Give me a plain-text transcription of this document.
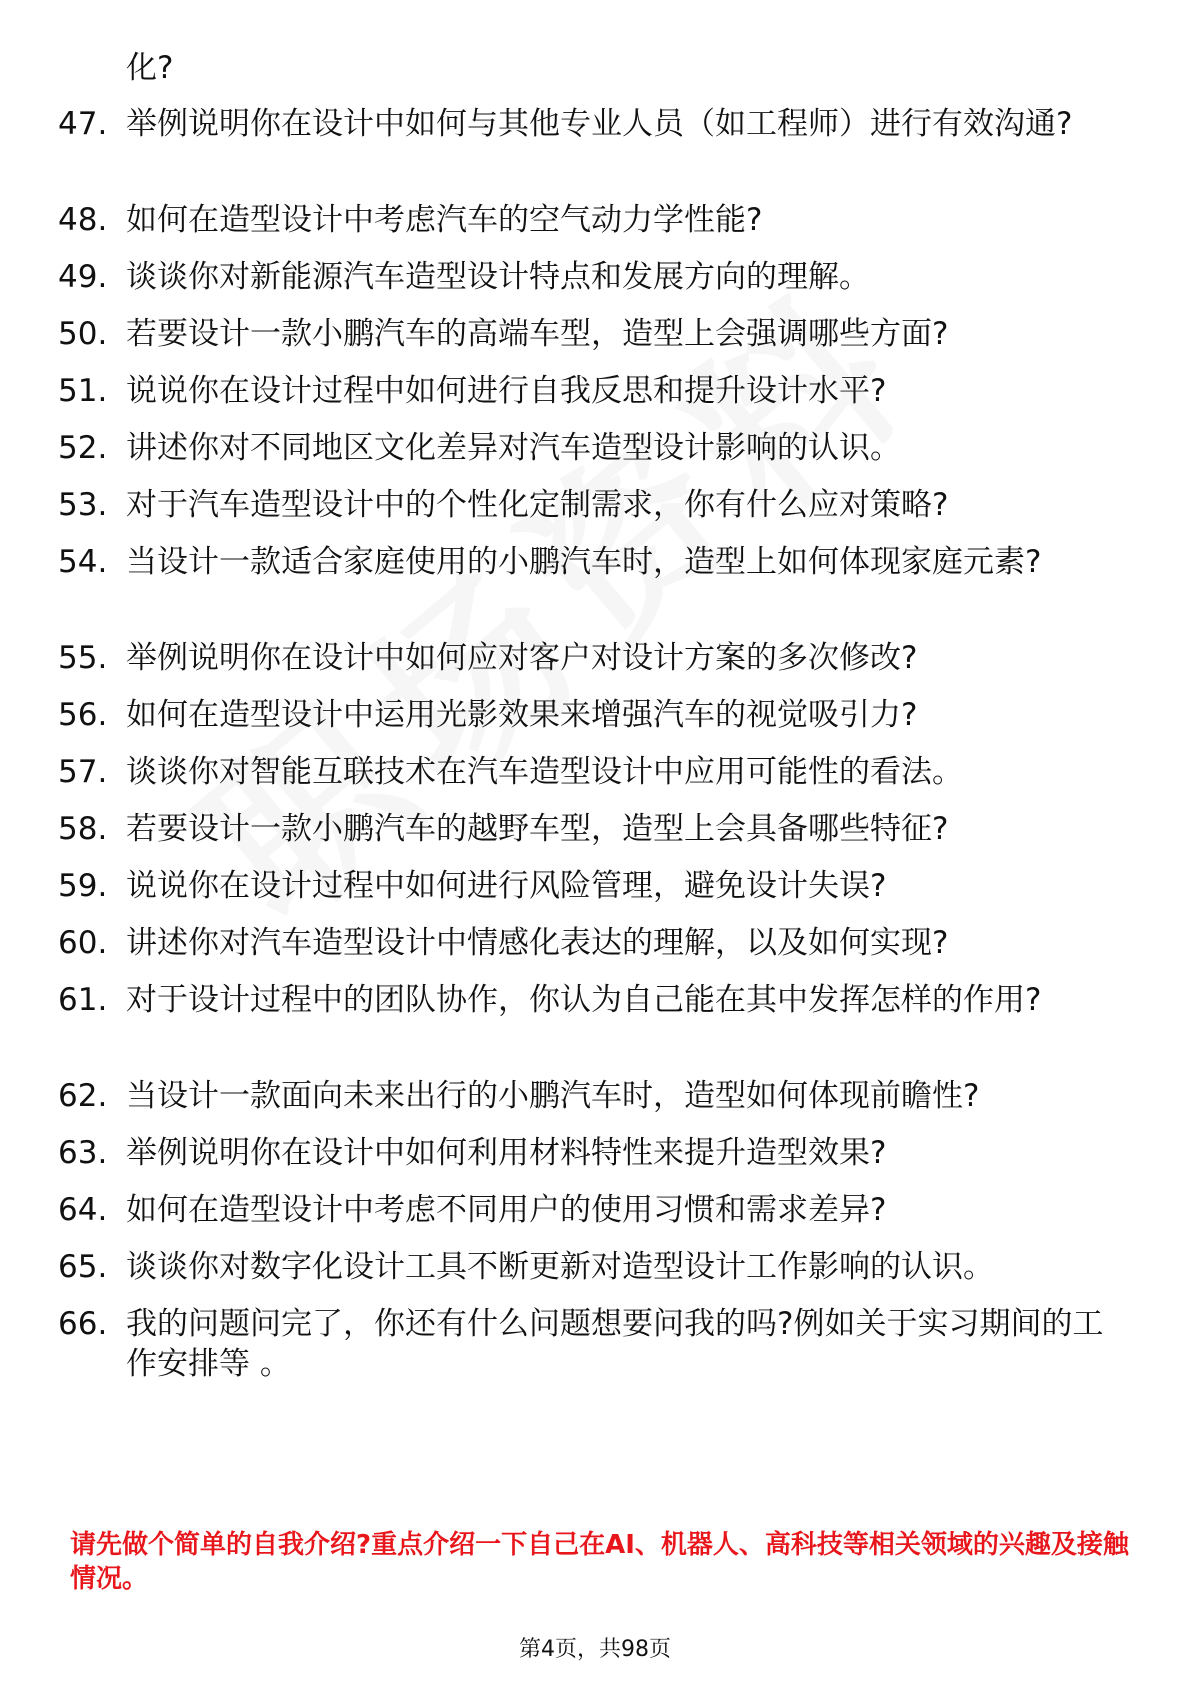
化?
47. 举例说明你在设计中如何与其他专业人员（如工程师）进行有效沟通?
48. 如何在造型设计中考虑汽车的空气动力学性能?
49. 谈谈你对新能源汽车造型设计特点和发展方向的理解。
50. 若要设计一款小鹏汽车的高端车型，造型上会强调哪些方面?
51. 说说你在设计过程中如何进行自我反思和提升设计水平?
52. 讲述你对不同地区文化差异对汽车造型设计影响的认识。
53. 对于汽车造型设计中的个性化定制需求，你有什么应对策略?
54. 当设计一款适合家庭使用的小鹏汽车时，造型上如何体现家庭元素?
55. 举例说明你在设计中如何应对客户对设计方案的多次修改?
56. 如何在造型设计中运用光影效果来增强汽车的视觉吸引力?
57. 谈谈你对智能互联技术在汽车造型设计中应用可能性的看法。
58. 若要设计一款小鹏汽车的越野车型，造型上会具备哪些特征?
59. 说说你在设计过程中如何进行风险管理，避免设计失误?
60. 讲述你对汽车造型设计中情感化表达的理解，以及如何实现?
61. 对于设计过程中的团队协作，你认为自己能在其中发挥怎样的作用?
62. 当设计一款面向未来出行的小鹏汽车时，造型如何体现前瞻性?
63. 举例说明你在设计中如何利用材料特性来提升造型效果?
64. 如何在造型设计中考虑不同用户的使用习惯和需求差异?
65. 谈谈你对数字化设计工具不断更新对造型设计工作影响的认识。
66. 我的问题问完了，你还有什么问题想要问我的吗?例如关于实习期间的工作安排等 。
请先做个简单的自我介绍?重点介绍一下自己在AI、机器人、高科技等相关领域的兴趣及接触情况。
第4页，共98页
